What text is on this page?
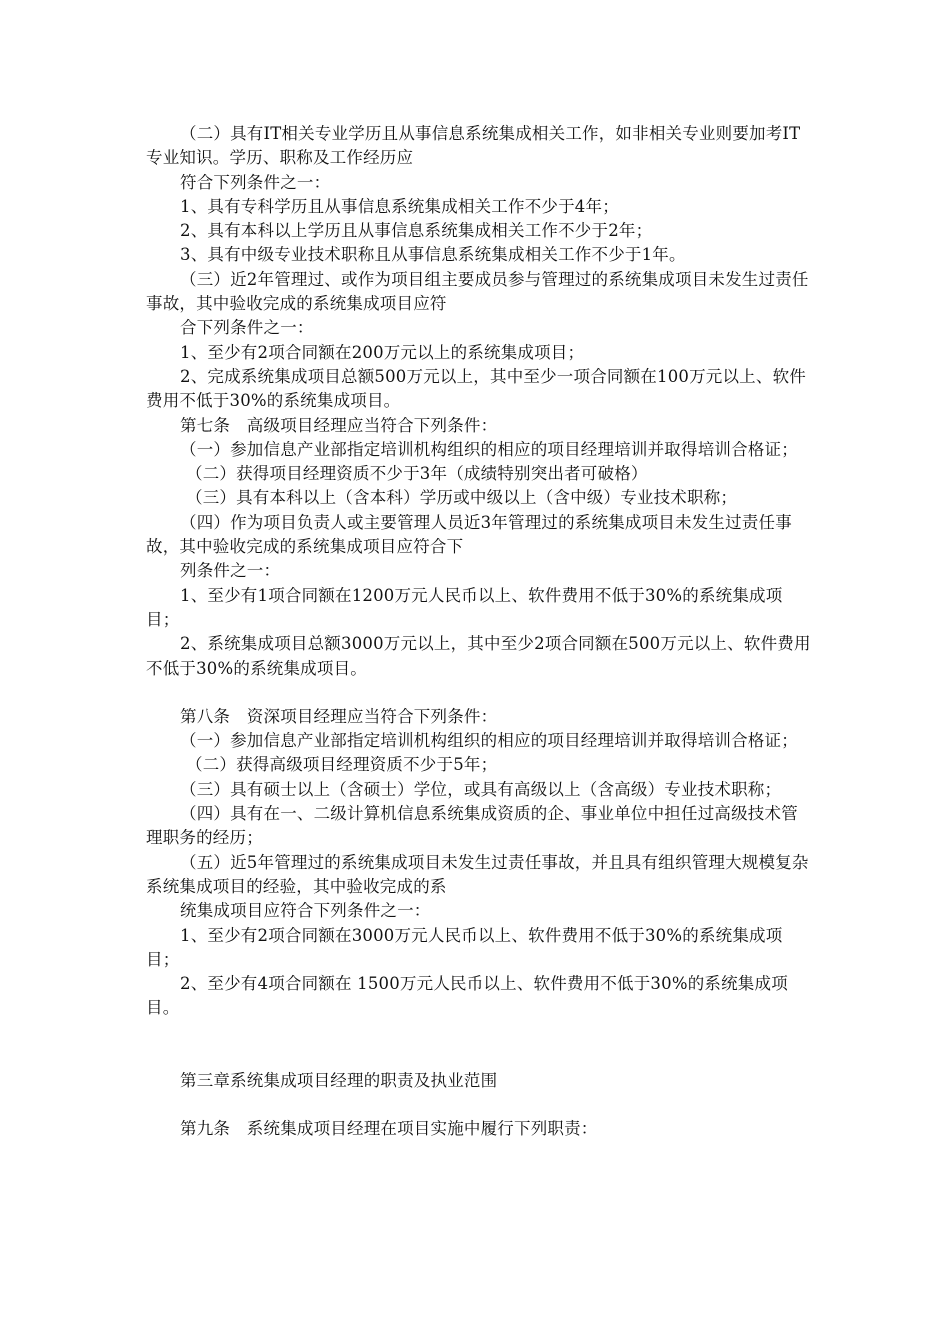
（二）具有IT相关专业学历且从事信息系统集成相关工作，如非相关专业则要加考IT专业知识。学历、职称及工作经历应

符合下列条件之一：

1、具有专科学历且从事信息系统集成相关工作不少于4年；

2、具有本科以上学历且从事信息系统集成相关工作不少于2年；

3、具有中级专业技术职称且从事信息系统集成相关工作不少于1年。

（三）近2年管理过、或作为项目组主要成员参与管理过的系统集成项目未发生过责任事故，其中验收完成的系统集成项目应符

合下列条件之一：

1、至少有2项合同额在200万元以上的系统集成项目；

2、完成系统集成项目总额500万元以上，其中至少一项合同额在100万元以上、软件费用不低于30%的系统集成项目。

第七条　高级项目经理应当符合下列条件：

（一）参加信息产业部指定培训机构组织的相应的项目经理培训并取得培训合格证；

（二）获得项目经理资质不少于3年（成绩特别突出者可破格）

（三）具有本科以上（含本科）学历或中级以上（含中级）专业技术职称；

（四）作为项目负责人或主要管理人员近3年管理过的系统集成项目未发生过责任事故，其中验收完成的系统集成项目应符合下

列条件之一：

1、至少有1项合同额在1200万元人民币以上、软件费用不低于30%的系统集成项目；

2、系统集成项目总额3000万元以上，其中至少2项合同额在500万元以上、软件费用不低于30%的系统集成项目。

第八条　资深项目经理应当符合下列条件：

（一）参加信息产业部指定培训机构组织的相应的项目经理培训并取得培训合格证；

（二）获得高级项目经理资质不少于5年；

（三）具有硕士以上（含硕士）学位，或具有高级以上（含高级）专业技术职称；

（四）具有在一、二级计算机信息系统集成资质的企、事业单位中担任过高级技术管理职务的经历；

（五）近5年管理过的系统集成项目未发生过责任事故，并且具有组织管理大规模复杂系统集成项目的经验，其中验收完成的系

统集成项目应符合下列条件之一：

1、至少有2项合同额在3000万元人民币以上、软件费用不低于30%的系统集成项目；

2、至少有4项合同额在 1500万元人民币以上、软件费用不低于30%的系统集成项目。

第三章系统集成项目经理的职责及执业范围

第九条　系统集成项目经理在项目实施中履行下列职责：
